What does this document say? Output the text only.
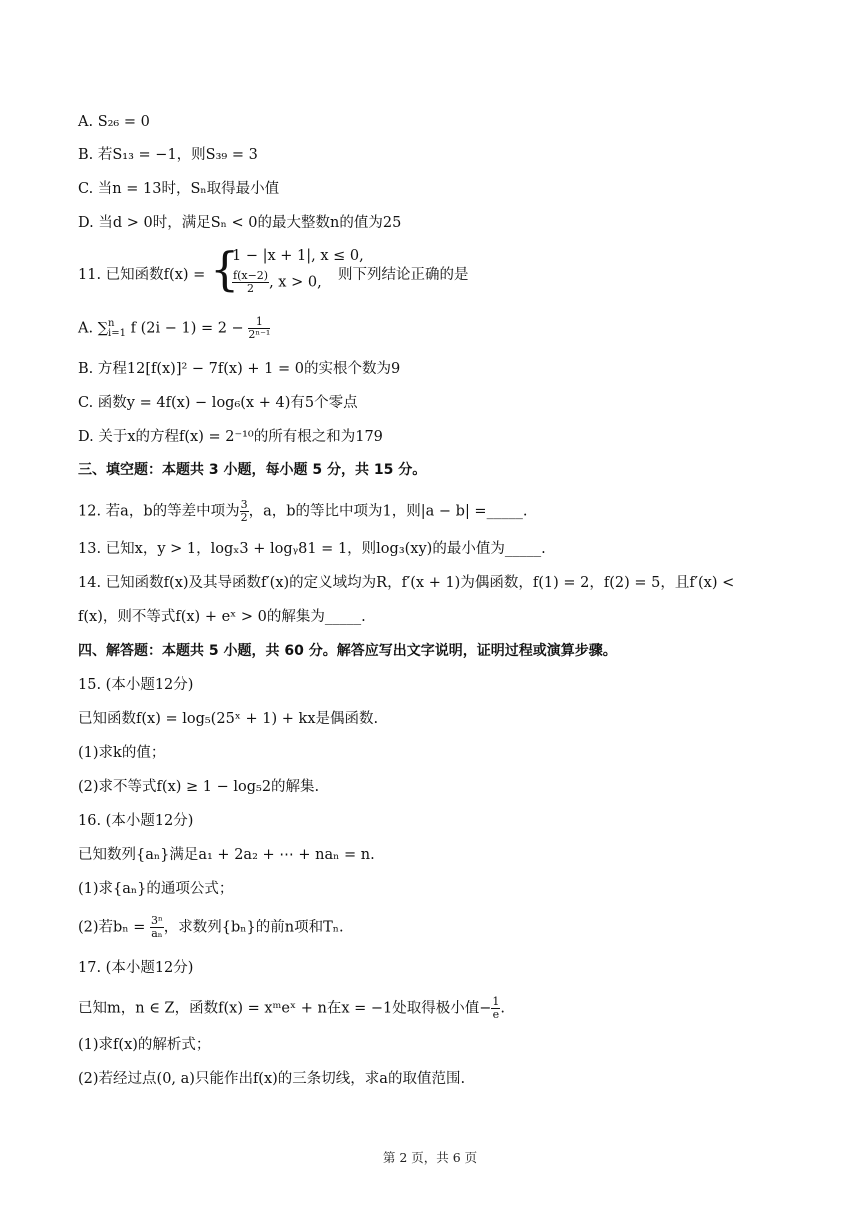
A. S₂₆ = 0
B. 若S₁₃ = −1，则S₃₉ = 3
C. 当n = 13时，Sₙ取得最小值
D. 当d > 0时，满足Sₙ < 0的最大整数n的值为25
11. 已知函数f(x) = {
1 − |x + 1|, x ≤ 0,
$\frac{f(x-2)}{2}$ , x > 0, 则下列结论正确的是
A. ∑ n
i=1 f $(2i - 1) = 2 - \frac{1}{\text{2ⁿ⁻¹}}$
B. 方程12[f(x)]² − 7f(x) + 1 = 0的实根个数为9
C. 函数y = 4f(x) − log₆(x + 4)有5个零点
D. 关于x的方程f(x) = 2⁻¹⁰的所有根之和为179
三、填空题：本题共 3 小题，每小题 5 分，共 15 分。
12. 若a，b的等差中项为 $\frac{3}{2}$ ，a，b的等比中项为1，则|a − b| =_____.
13. 已知x，y > 1，logₓ3 + logᵧ81 = 1，则log₃(xy)的最小值为_____.
14. 已知函数f(x)及其导函数f′(x)的定义域均为R，f′(x + 1)为偶函数，f(1) = 2，f(2) = 5，且f′(x) <
f(x)，则不等式f(x) + eˣ > 0的解集为_____.
四、解答题：本题共 5 小题，共 60 分。解答应写出文字说明，证明过程或演算步骤。
15. (本小题12分)
已知函数f(x) = log₅(25ˣ + 1) + kx是偶函数.
(1)求k的值；
(2)求不等式f(x) ≥ 1 − log₅2的解集.
16. (本小题12分)
已知数列{aₙ}满足a₁ + 2a₂ + ⋯ + naₙ = n.
(1)求{aₙ}的通项公式；
(2)若$b_n = \frac{\text{3ⁿ}}{\text{aₙ}}$ ，求数列{bₙ}的前n项和Tₙ.
17. (本小题12分)
已知m，n ∈ Z，函数f(x) = xᵐeˣ + n在x = −1处取得极小值− $\frac{1}{e}$ .
(1)求f(x)的解析式；
(2)若经过点(0, a)只能作出f(x)的三条切线，求a的取值范围.
第 2 页，共 6 页
